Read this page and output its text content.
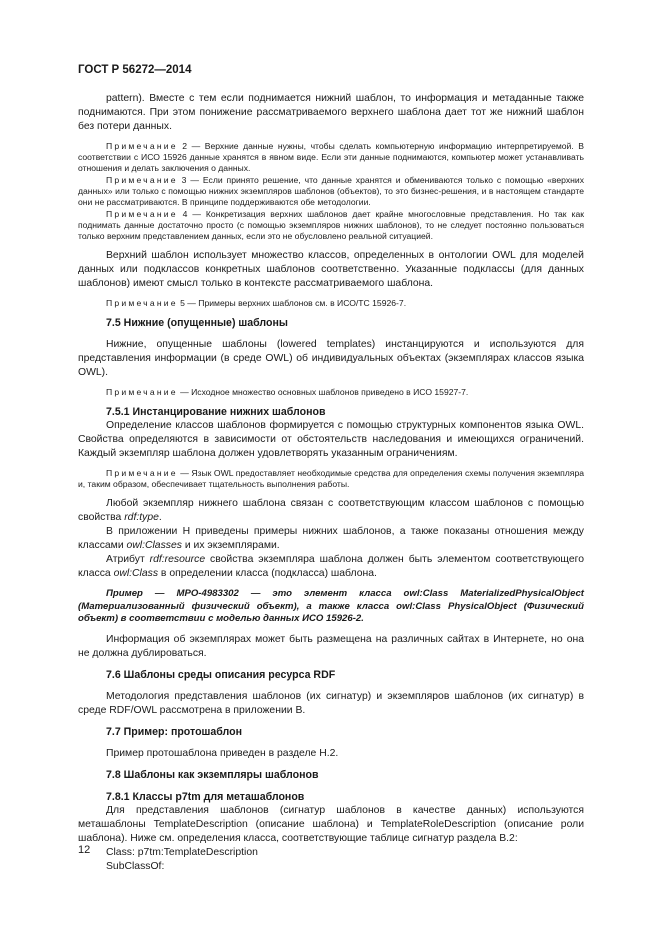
ГОСТ Р 56272—2014

pattern). Вместе с тем если поднимается нижний шаблон, то информация и метаданные также поднимаются. При этом понижение рассматриваемого верхнего шаблона дает тот же нижний шаблон без потери данных.

Примечание 2 — Верхние данные нужны, чтобы сделать компьютерную информацию интерпретируемой. В соответствии с ИСО 15926 данные хранятся в явном виде. Если эти данные поднимаются, компьютер может устанавливать отношения и делать заключения о данных.

Примечание 3 — Если принято решение, что данные хранятся и обмениваются только с помощью «верхних данных» или только с помощью нижних экземпляров шаблонов (объектов), то это бизнес-решения, и в настоящем стандарте они не рассматриваются. В принципе поддерживаются обе методологии.

Примечание 4 — Конкретизация верхних шаблонов дает крайне многословные представления. Но так как поднимать данные достаточно просто (с помощью экземпляров нижних шаблонов), то не следует постоянно пользоваться только верхним представлением данных, если это не обусловлено реальной ситуацией.

Верхний шаблон использует множество классов, определенных в онтологии OWL для моделей данных или подклассов конкретных шаблонов соответственно. Указанные подклассы (для данных шаблонов) имеют смысл только в контексте рассматриваемого шаблона.

Примечание 5 — Примеры верхних шаблонов см. в ИСО/ТС 15926-7.

7.5 Нижние (опущенные) шаблоны

Нижние, опущенные шаблоны (lowered templates) инстанцируются и используются для представления информации (в среде OWL) об индивидуальных объектах (экземплярах классов языка OWL).

Примечание — Исходное множество основных шаблонов приведено в ИСО 15927-7.

7.5.1 Инстанцирование нижних шаблонов

Определение классов шаблонов формируется с помощью структурных компонентов языка OWL. Свойства определяются в зависимости от обстоятельств наследования и имеющихся ограничений. Каждый экземпляр шаблона должен удовлетворять указанным ограничениям.

Примечание — Язык OWL предоставляет необходимые средства для определения схемы получения экземпляра и, таким образом, обеспечивает тщательность выполнения работы.

Любой экземпляр нижнего шаблона связан с соответствующим классом шаблонов с помощью свойства rdf:type.

В приложении Н приведены примеры нижних шаблонов, а также показаны отношения между классами owl:Classes и их экземплярами.

Атрибут rdf:resource свойства экземпляра шаблона должен быть элементом соответствующего класса owl:Class в определении класса (подкласса) шаблона.

Пример — MPO-4983302 — это элемент класса owl:Class MaterializedPhysicalObject (Материализованный физический объект), а также класса owl:Class PhysicalObject (Физический объект) в соответствии с моделью данных ИСО 15926-2.

Информация об экземплярах может быть размещена на различных сайтах в Интернете, но она не должна дублироваться.

7.6 Шаблоны среды описания ресурса RDF

Методология представления шаблонов (их сигнатур) и экземпляров шаблонов (их сигнатур) в среде RDF/OWL рассмотрена в приложении В.

7.7 Пример: протошаблон

Пример протошаблона приведен в разделе Н.2.

7.8 Шаблоны как экземпляры шаблонов

7.8.1 Классы p7tm для меташаблонов

Для представления шаблонов (сигнатур шаблонов в качестве данных) используются меташаблоны TemplateDescription (описание шаблона) и TemplateRoleDescription (описание роли шаблона). Ниже см. определения класса, соответствующие таблице сигнатур раздела В.2:

Class: p7tm:TemplateDescription

SubClassOf:

12
